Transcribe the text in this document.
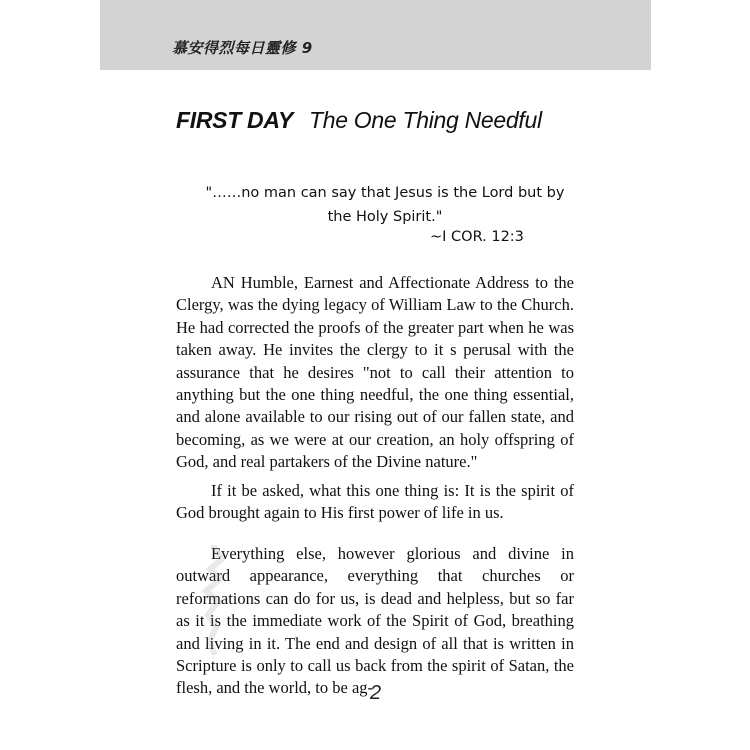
慕安得烈每日靈修 9
FIRST DAY The One Thing Needful
"……no man can say that Jesus is the Lord but by the Holy Spirit."
~I COR. 12:3

AN Humble, Earnest and Affectionate Address to the Clergy, was the dying legacy of William Law to the Church. He had corrected the proofs of the greater part when he was taken away. He invites the clergy to it s perusal with the assurance that he desires "not to call their attention to anything but the one thing needful, the one thing essential, and alone available to our rising out of our fallen state, and becoming, as we were at our creation, an holy offspring of God, and real partakers of the Divine nature."

If it be asked, what this one thing is: It is the spirit of God brought again to His first power of life in us.

Everything else, however glorious and divine in outward appearance, everything that churches or reformations can do for us, is dead and helpless, but so far as it is the immediate work of the Spirit of God, breathing and living in it. The end and design of all that is written in Scripture is only to call us back from the spirit of Satan, the flesh, and the world, to be ag-

2
